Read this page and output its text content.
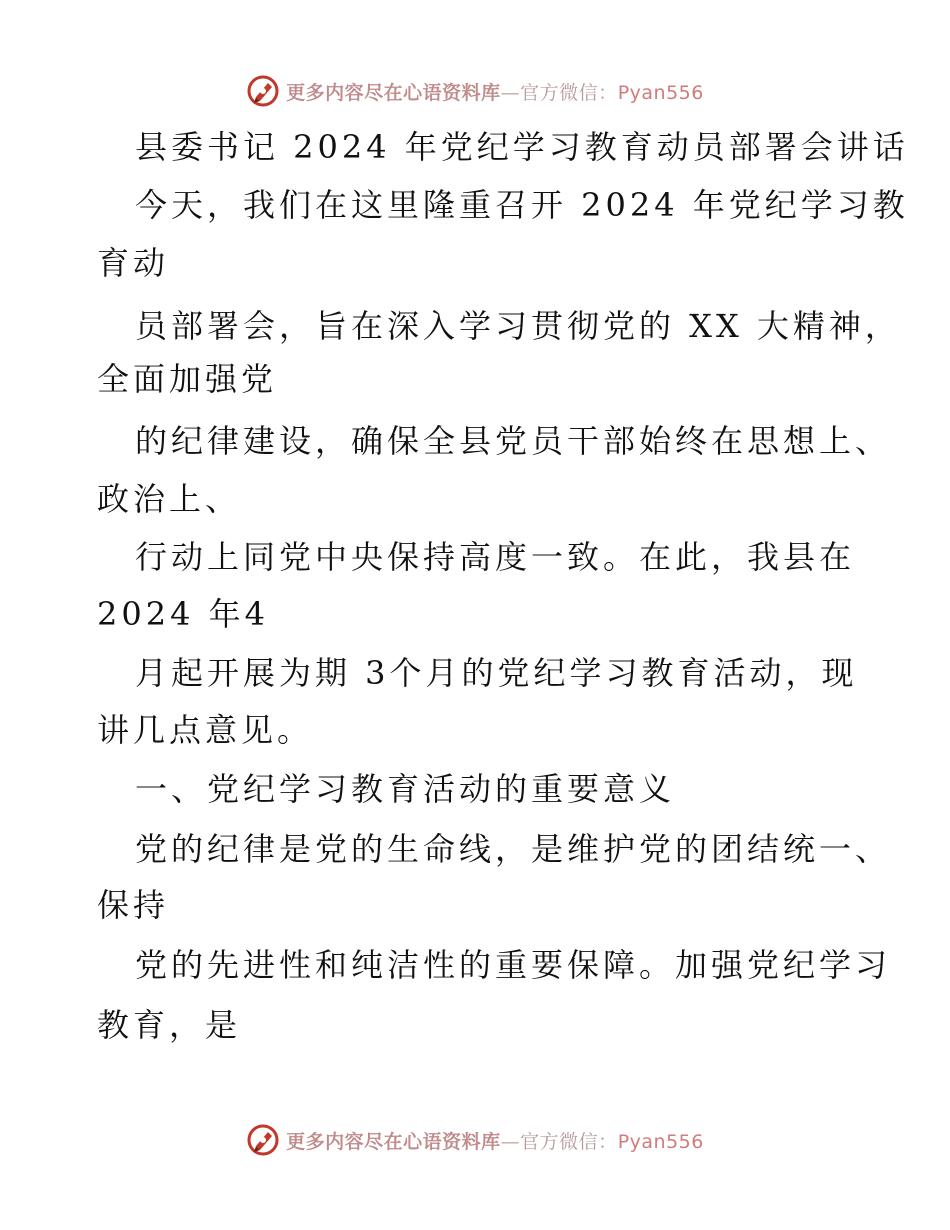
更多内容尽在心语资料库—官方微信：Pyan556
县委书记 2024 年党纪学习教育动员部署会讲话
今天，我们在这里隆重召开 2024 年党纪学习教
育动
员部署会，旨在深入学习贯彻党的 XX 大精神，
全面加强党
的纪律建设，确保全县党员干部始终在思想上、
政治上、
行动上同党中央保持高度一致。在此，我县在
2024 年4
月起开展为期 3个月的党纪学习教育活动，现
讲几点意见。
一、党纪学习教育活动的重要意义
党的纪律是党的生命线，是维护党的团结统一、
保持
党的先进性和纯洁性的重要保障。加强党纪学习
教育，是
更多内容尽在心语资料库—官方微信：Pyan556
